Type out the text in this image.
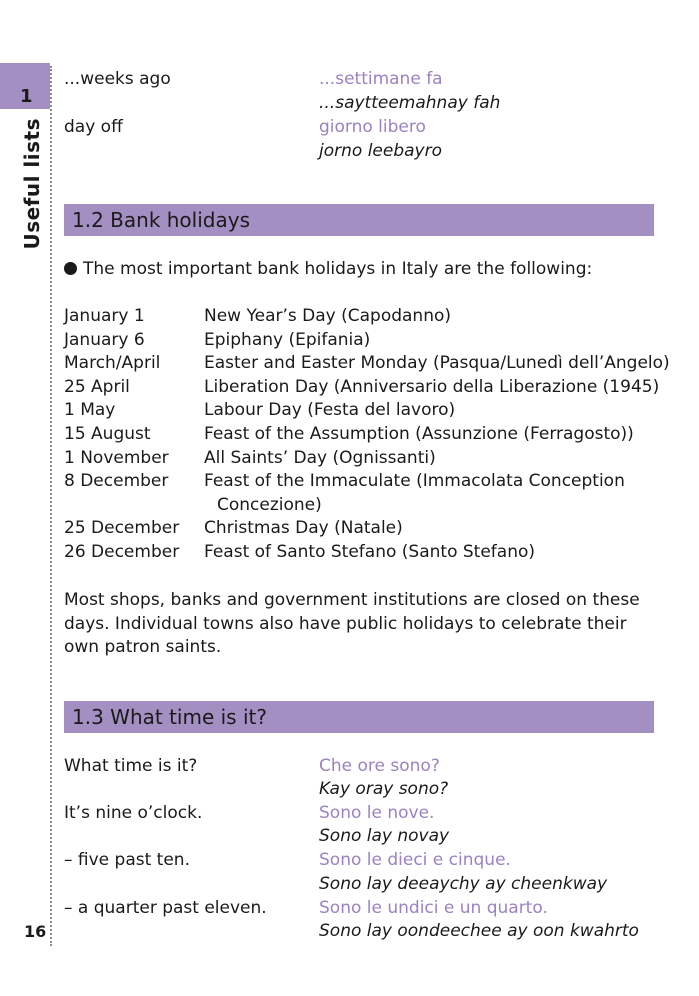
1
Useful lists
16
...weeks ago	...settimane fa
...saytteemahnay fah
day off	giorno libero
jorno leebayro
1.2 Bank holidays
The most important bank holidays in Italy are the following:
January 1	New Year’s Day (Capodanno)
January 6	Epiphany (Epifania)
March/April	Easter and Easter Monday (Pasqua/Lunedì dell’Angelo)
25 April	Liberation Day (Anniversario della Liberazione (1945)
1 May	Labour Day (Festa del lavoro)
15 August	Feast of the Assumption (Assunzione (Ferragosto))
1 November All Saints’ Day (Ognissanti)
8 December Feast of the Immaculate (Immacolata Conception
Concezione)
25 December Christmas Day (Natale)
26 December Feast of Santo Stefano (Santo Stefano)
Most shops, banks and government institutions are closed on these days. Individual towns also have public holidays to celebrate their own patron saints.
1.3 What time is it?
What time is it?	Che ore sono?
Kay oray sono?
It’s nine o’clock.	Sono le nove.
Sono lay novay
– five past ten.	Sono le dieci e cinque.
Sono lay deeaychy ay cheenkway
– a quarter past eleven.	Sono le undici e un quarto.
Sono lay oondeechee ay oon kwahrto
